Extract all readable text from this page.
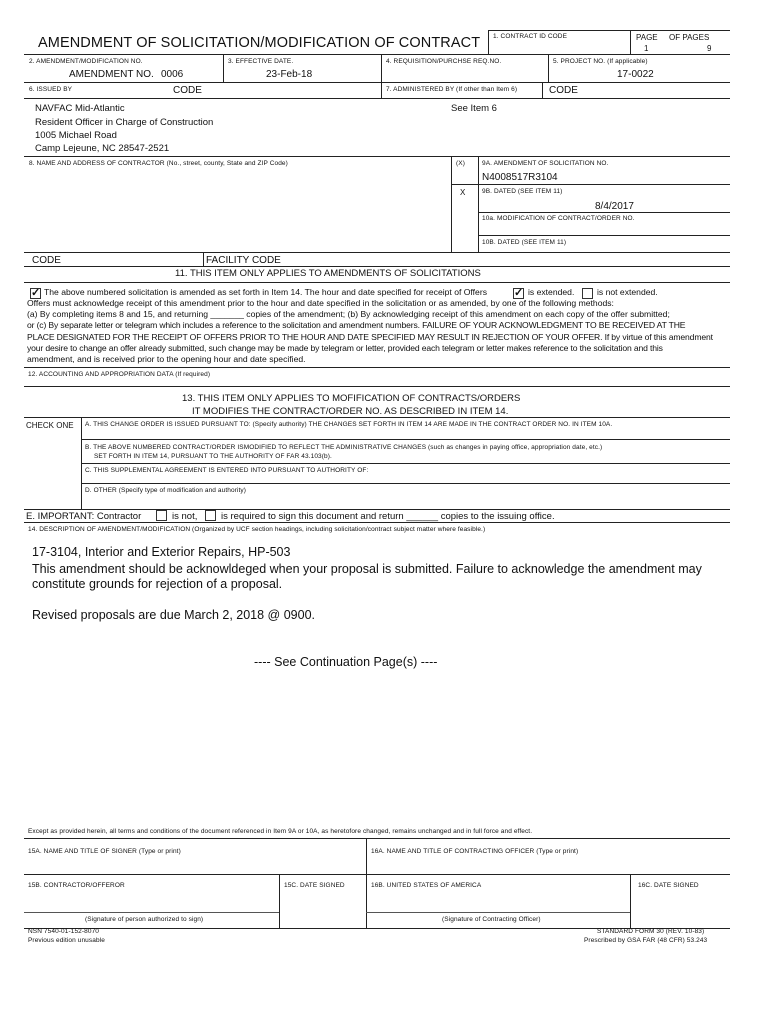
AMENDMENT OF SOLICITATION/MODIFICATION OF CONTRACT 1. CONTRACT ID CODE	PAGE OF PAGES
1	9
2. AMENDMENT/MODIFICATION NO.
AMENDMENT NO. 0006
3. EFFECTIVE DATE.
23-Feb-18
4. REQUISITION/PURCHSE REQ.NO.	5. PROJECT NO. (If applicable)
17-0022
6. ISSUED BY	CODE	7. ADMINISTERED BY (If other than Item 6)	CODE
NAVFAC Mid-Atlantic
Resident Officer in Charge of Construction
1005 Michael Road
Camp Lejeune, NC 28547-2521
See Item 6
8. NAME AND ADDRESS OF CONTRACTOR (No., street, county, State and ZIP Code)	(X)	9A. AMENDMENT OF SOLICITATION NO.
N4008517R3104
X	9B. DATED (SEE ITEM 11)
8/4/2017
10a. MODIFICATION OF CONTRACT/ORDER NO.
10B. DATED (SEE ITEM 11)
CODE	FACILITY CODE
11. THIS ITEM ONLY APPLIES TO AMENDMENTS OF SOLICITATIONS
✓
The above numbered solicitation is amended as set forth in Item 14. The hour and date specified for receipt of Offers
✓	is extended.	is not extended.
Offers must acknowledge receipt of this amendment prior to the hour and date specified in the solicitation or as amended, by one of the following methods:
(a) By completing items 8 and 15, and returning _______ copies of the amendment; (b) By acknowledging receipt of this amendment on each copy of the offer submitted;
or (c) By separate letter or telegram which includes a reference to the solicitation and amendment numbers. FAILURE OF YOUR ACKNOWLEDGMENT TO BE RECEIVED AT THE
PLACE DESIGNATED FOR THE RECEIPT OF OFFERS PRIOR TO THE HOUR AND DATE SPECIFIED MAY RESULT IN REJECTION OF YOUR OFFER. If by virtue of this amendment
your desire to change an offer already submitted, such change may be made by telegram or letter, provided each telegram or letter makes reference to the solicitation and this
amendment, and is received prior to the opening hour and date specified.
12. ACCOUNTING AND APPROPRIATION DATA (If required)
13. THIS ITEM ONLY APPLIES TO MOFIFICATION OF CONTRACTS/ORDERS
IT MODIFIES THE CONTRACT/ORDER NO. AS DESCRIBED IN ITEM 14.
CHECK ONE A. THIS CHANGE ORDER IS ISSUED PURSUANT TO: (Specify authority) THE CHANGES SET FORTH IN ITEM 14 ARE MADE IN THE CONTRACT ORDER NO. IN ITEM 10A.
B. THE ABOVE NUMBERED CONTRACT/ORDER ISMODIFIED TO REFLECT THE ADMINISTRATIVE CHANGES (such as changes in paying office, appropriation date, etc.)
SET FORTH IN ITEM 14, PURSUANT TO THE AUTHORITY OF FAR 43.103(b).
C. THIS SUPPLEMENTAL AGREEMENT IS ENTERED INTO PURSUANT TO AUTHORITY OF:
D. OTHER (Specify type of modification and authority)
E. IMPORTANT: Contractor	is not, is required to sign this document and return ______ copies to the issuing office.
14. DESCRIPTION OF AMENDMENT/MODIFICATION (Organized by UCF section headings, including solicitation/contract subject matter where feasible.)
17-3104, Interior and Exterior Repairs, HP-503
This amendment should be acknowldeged when your proposal is submitted. Failure to acknowledge the amendment may
constitute grounds for rejection of a proposal.
Revised proposals are due March 2, 2018 @ 0900.
---- See Continuation Page(s) ----
Except as provided herein, all terms and conditions of the document referenced in Item 9A or 10A, as heretofore changed, remains unchanged and in full force and effect.
15A. NAME AND TITLE OF SIGNER (Type or print)	16A. NAME AND TITLE OF CONTRACTING OFFICER (Type or print)
15B. CONTRACTOR/OFFEROR	15C. DATE SIGNED	16B. UNITED STATES OF AMERICA	16C. DATE SIGNED
(Signature of person authorized to sign)	(Signature of Contracting Officer)
NSN 7540-01-152-8070
Previous edition unusable
STANDARD FORM 30 (REV. 10-83)
Prescribed by GSA FAR (48 CFR) 53.243
